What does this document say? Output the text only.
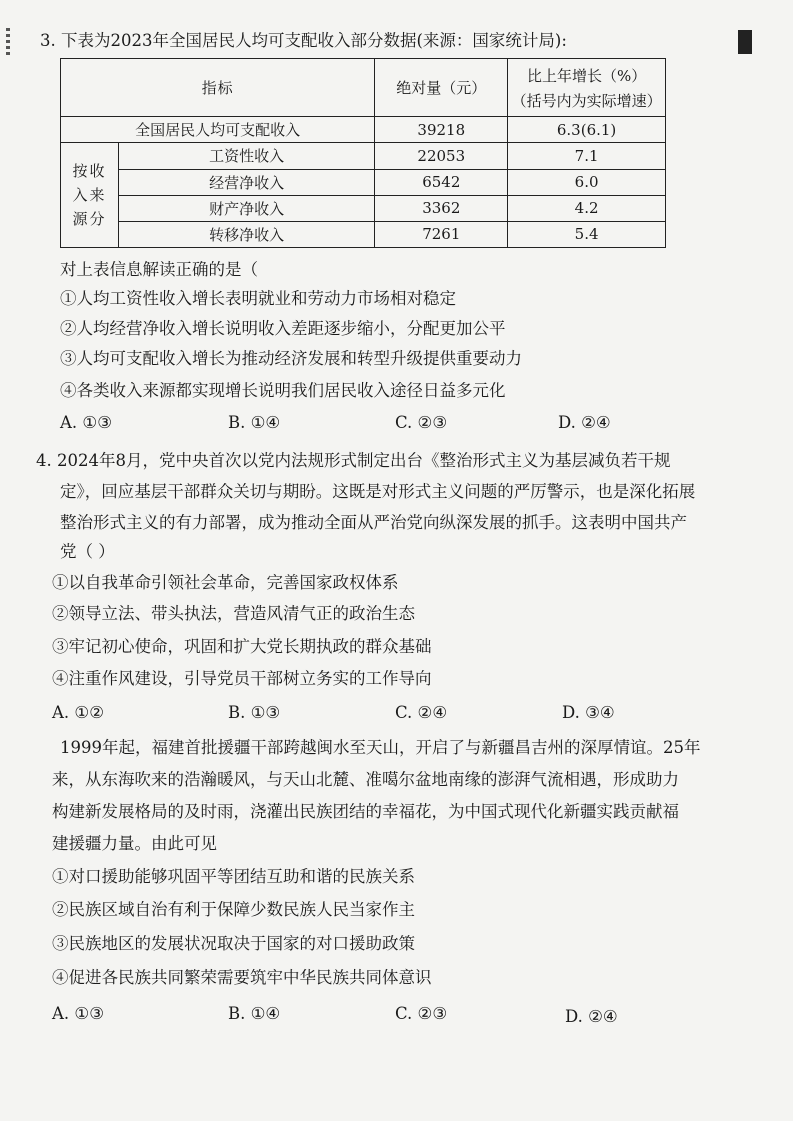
3. 下表为2023年全国居民人均可支配收入部分数据(来源：国家统计局):
指标		绝对量（元）	比上年增长（%）
（括号内为实际增速）

全国居民人均可支配收入		39218	6.3(6.1)

按收
入来
源分	工资性收入	22053	7.1
	经营净收入	6542	6.0
	财产净收入	3362	4.2
	转移净收入	7261	5.4
对上表信息解读正确的是（
①人均工资性收入增长表明就业和劳动力市场相对稳定
②人均经营净收入增长说明收入差距逐步缩小，分配更加公平
③人均可支配收入增长为推动经济发展和转型升级提供重要动力
④各类收入来源都实现增长说明我们居民收入途径日益多元化
A. ①③	B. ①④	C. ②③	D. ②④
4. 2024年8月，党中央首次以党内法规形式制定出台《整治形式主义为基层减负若干规
定》，回应基层干部群众关切与期盼。这既是对形式主义问题的严厉警示，也是深化拓展
整治形式主义的有力部署，成为推动全面从严治党向纵深发展的抓手。这表明中国共产
党（ ）
①以自我革命引领社会革命，完善国家政权体系
②领导立法、带头执法，营造风清气正的政治生态
③牢记初心使命，巩固和扩大党长期执政的群众基础
④注重作风建设，引导党员干部树立务实的工作导向
A. ①②	B. ①③	C. ②④	D. ③④
1999年起，福建首批援疆干部跨越闽水至天山，开启了与新疆昌吉州的深厚情谊。25年
来，从东海吹来的浩瀚暖风，与天山北麓、准噶尔盆地南缘的澎湃气流相遇，形成助力
构建新发展格局的及时雨，浇灌出民族团结的幸福花，为中国式现代化新疆实践贡献福
建援疆力量。由此可见
①对口援助能够巩固平等团结互助和谐的民族关系
②民族区域自治有利于保障少数民族人民当家作主
③民族地区的发展状况取决于国家的对口援助政策
④促进各民族共同繁荣需要筑牢中华民族共同体意识
A. ①③	B. ①④	C. ②③	D. ②④
